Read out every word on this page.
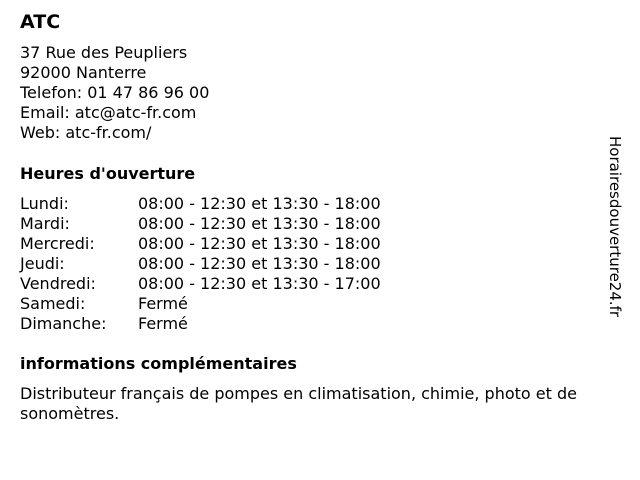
ATC
37 Rue des Peupliers
92000 Nanterre
Telefon: 01 47 86 96 00
Email: atc@atc-fr.com
Web: atc-fr.com/
Heures d'ouverture
Lundi:	08:00 - 12:30 et 13:30 - 18:00
Mardi:	08:00 - 12:30 et 13:30 - 18:00
Mercredi:	08:00 - 12:30 et 13:30 - 18:00
Jeudi:	08:00 - 12:30 et 13:30 - 18:00
Vendredi:	08:00 - 12:30 et 13:30 - 17:00
Samedi:	Fermé
Dimanche: Fermé
informations complémentaires
Distributeur français de pompes en climatisation, chimie, photo et de sonomètres.
Horairesdouverture24.fr
